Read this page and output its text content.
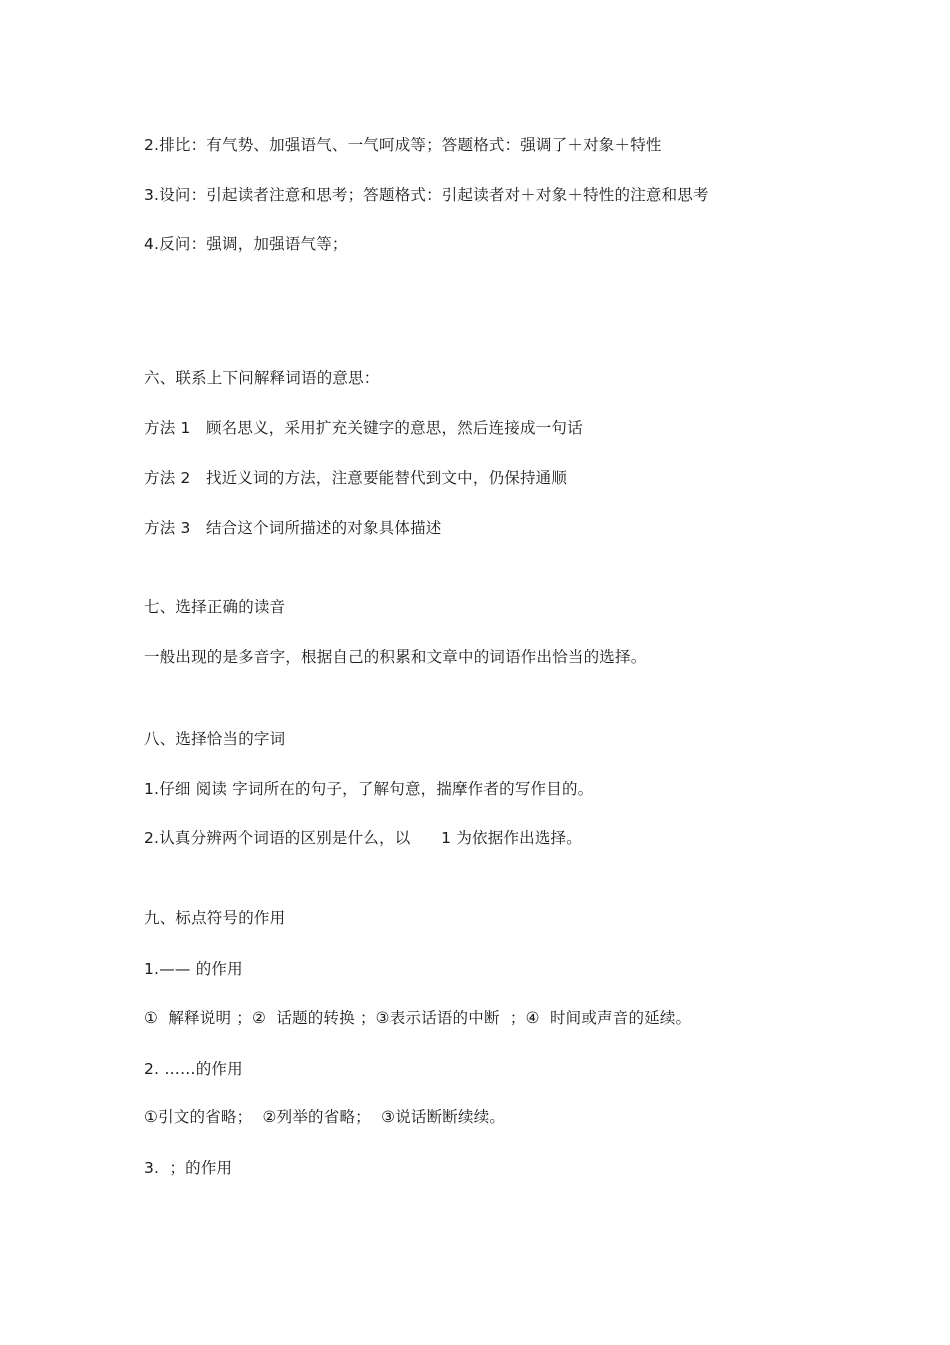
2.排比：有气势、加强语气、一气呵成等；答题格式：强调了＋对象＋特性
3.设问：引起读者注意和思考；答题格式：引起读者对＋对象＋特性的注意和思考
4.反问：强调，加强语气等；
六、联系上下问解释词语的意思：
方法 1   顾名思义，采用扩充关键字的意思，然后连接成一句话
方法 2   找近义词的方法，注意要能替代到文中，仍保持通顺
方法 3   结合这个词所描述的对象具体描述
七、选择正确的读音
一般出现的是多音字，根据自己的积累和文章中的词语作出恰当的选择。
八、选择恰当的字词
1.仔细 阅读 字词所在的句子，了解句意，揣摩作者的写作目的。
2.认真分辨两个词语的区别是什么，以      1 为依据作出选择。
九、标点符号的作用
1.—— 的作用
①  解释说明 ；②  话题的转换 ；③表示话语的中断  ；④  时间或声音的延续。
2. ……的作用
①引文的省略；  ②列举的省略；  ③说话断断续续。
3.  ；的作用
